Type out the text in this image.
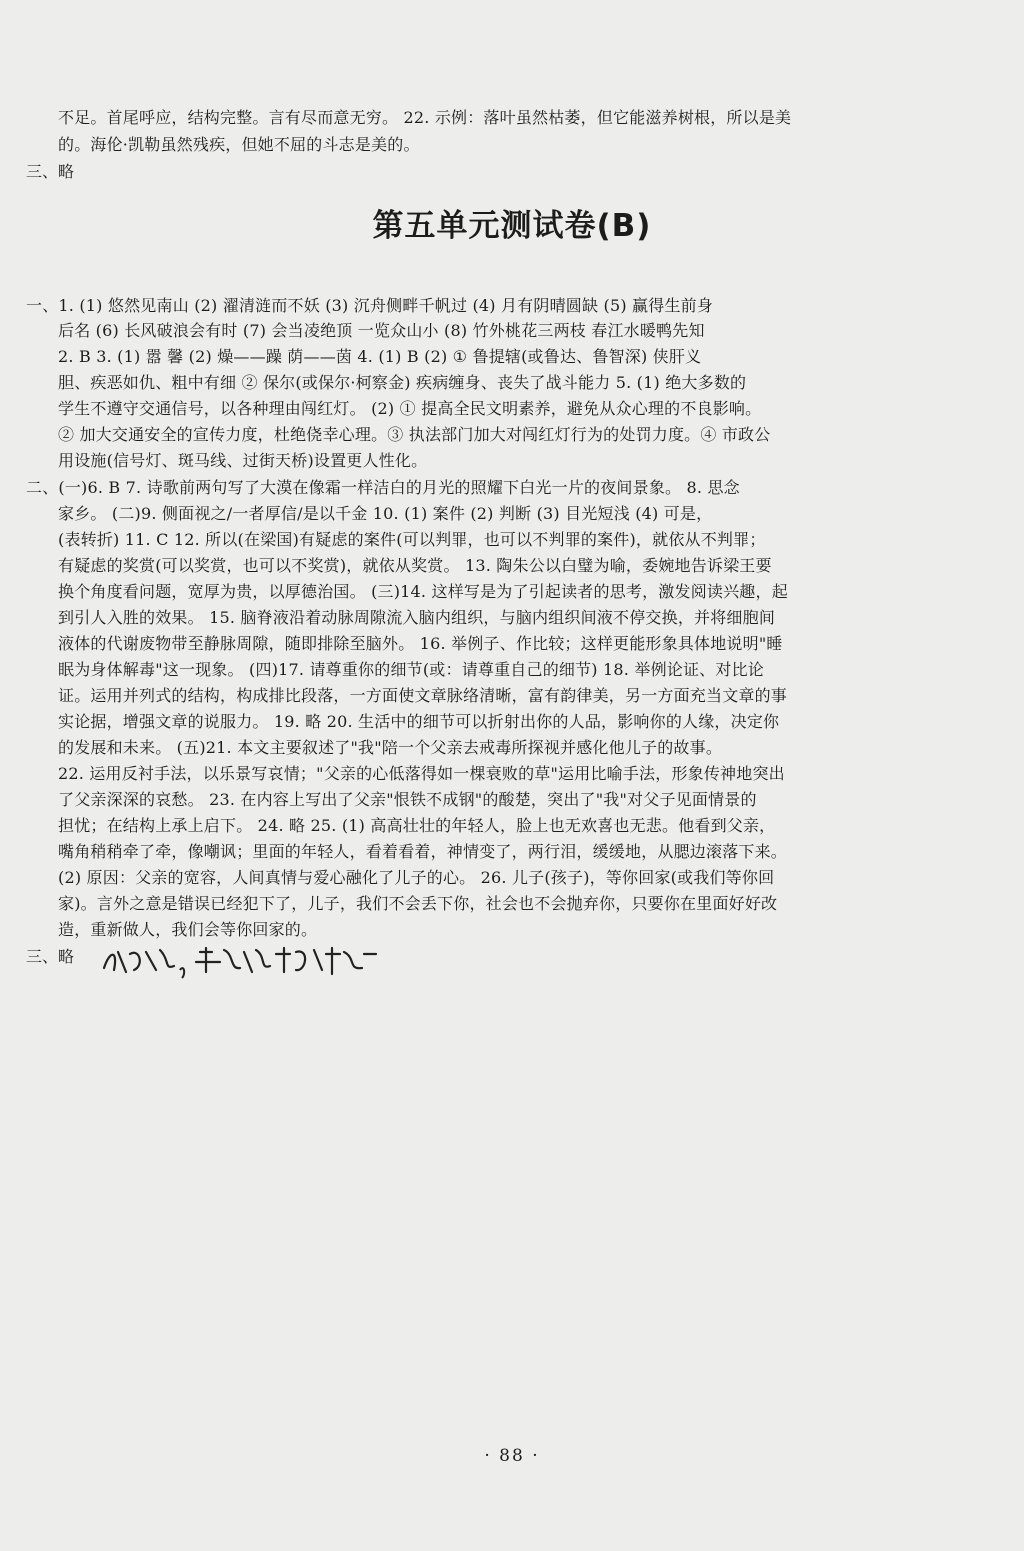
不足。首尾呼应，结构完整。言有尽而意无穷。 22. 示例：落叶虽然枯萎，但它能滋养树根，所以是美
的。海伦·凯勒虽然残疾，但她不屈的斗志是美的。
三、略
第五单元测试卷(B)
一、1. (1) 悠然见南山 (2) 濯清涟而不妖 (3) 沉舟侧畔千帆过 (4) 月有阴晴圆缺 (5) 赢得生前身
后名 (6) 长风破浪会有时 (7) 会当凌绝顶 一览众山小 (8) 竹外桃花三两枝 春江水暖鸭先知
2. B 3. (1) 嚣 馨 (2) 燥——躁 荫——茵 4. (1) B (2) ① 鲁提辖(或鲁达、鲁智深) 侠肝义
胆、疾恶如仇、粗中有细 ② 保尔(或保尔·柯察金) 疾病缠身、丧失了战斗能力 5. (1) 绝大多数的
学生不遵守交通信号，以各种理由闯红灯。 (2) ① 提高全民文明素养，避免从众心理的不良影响。
② 加大交通安全的宣传力度，杜绝侥幸心理。③ 执法部门加大对闯红灯行为的处罚力度。④ 市政公
用设施(信号灯、斑马线、过街天桥)设置更人性化。
二、(一)6. B 7. 诗歌前两句写了大漠在像霜一样洁白的月光的照耀下白光一片的夜间景象。 8. 思念
家乡。 (二)9. 侧面视之/一者厚信/是以千金 10. (1) 案件 (2) 判断 (3) 目光短浅 (4) 可是，
(表转折) 11. C 12. 所以(在梁国)有疑虑的案件(可以判罪，也可以不判罪的案件)，就依从不判罪；
有疑虑的奖赏(可以奖赏，也可以不奖赏)，就依从奖赏。 13. 陶朱公以白璧为喻，委婉地告诉梁王要
换个角度看问题，宽厚为贵，以厚德治国。 (三)14. 这样写是为了引起读者的思考，激发阅读兴趣，起
到引人入胜的效果。 15. 脑脊液沿着动脉周隙流入脑内组织，与脑内组织间液不停交换，并将细胞间
液体的代谢废物带至静脉周隙，随即排除至脑外。 16. 举例子、作比较；这样更能形象具体地说明"睡
眠为身体解毒"这一现象。 (四)17. 请尊重你的细节(或：请尊重自己的细节) 18. 举例论证、对比论
证。运用并列式的结构，构成排比段落，一方面使文章脉络清晰，富有韵律美，另一方面充当文章的事
实论据，增强文章的说服力。 19. 略 20. 生活中的细节可以折射出你的人品，影响你的人缘，决定你
的发展和未来。 (五)21. 本文主要叙述了"我"陪一个父亲去戒毒所探视并感化他儿子的故事。
22. 运用反衬手法，以乐景写哀情；"父亲的心低落得如一棵衰败的草"运用比喻手法，形象传神地突出
了父亲深深的哀愁。 23. 在内容上写出了父亲"恨铁不成钢"的酸楚，突出了"我"对父子见面情景的
担忧；在结构上承上启下。 24. 略 25. (1) 高高壮壮的年轻人，脸上也无欢喜也无悲。他看到父亲，
嘴角稍稍牵了牵，像嘲讽；里面的年轻人，看着看着，神情变了，两行泪，缓缓地，从腮边滚落下来。
(2) 原因：父亲的宽容，人间真情与爱心融化了儿子的心。 26. 儿子(孩子)，等你回家(或我们等你回
家)。言外之意是错误已经犯下了，儿子，我们不会丢下你，社会也不会抛弃你，只要你在里面好好改
造，重新做人，我们会等你回家的。
三、略
· 88 ·
